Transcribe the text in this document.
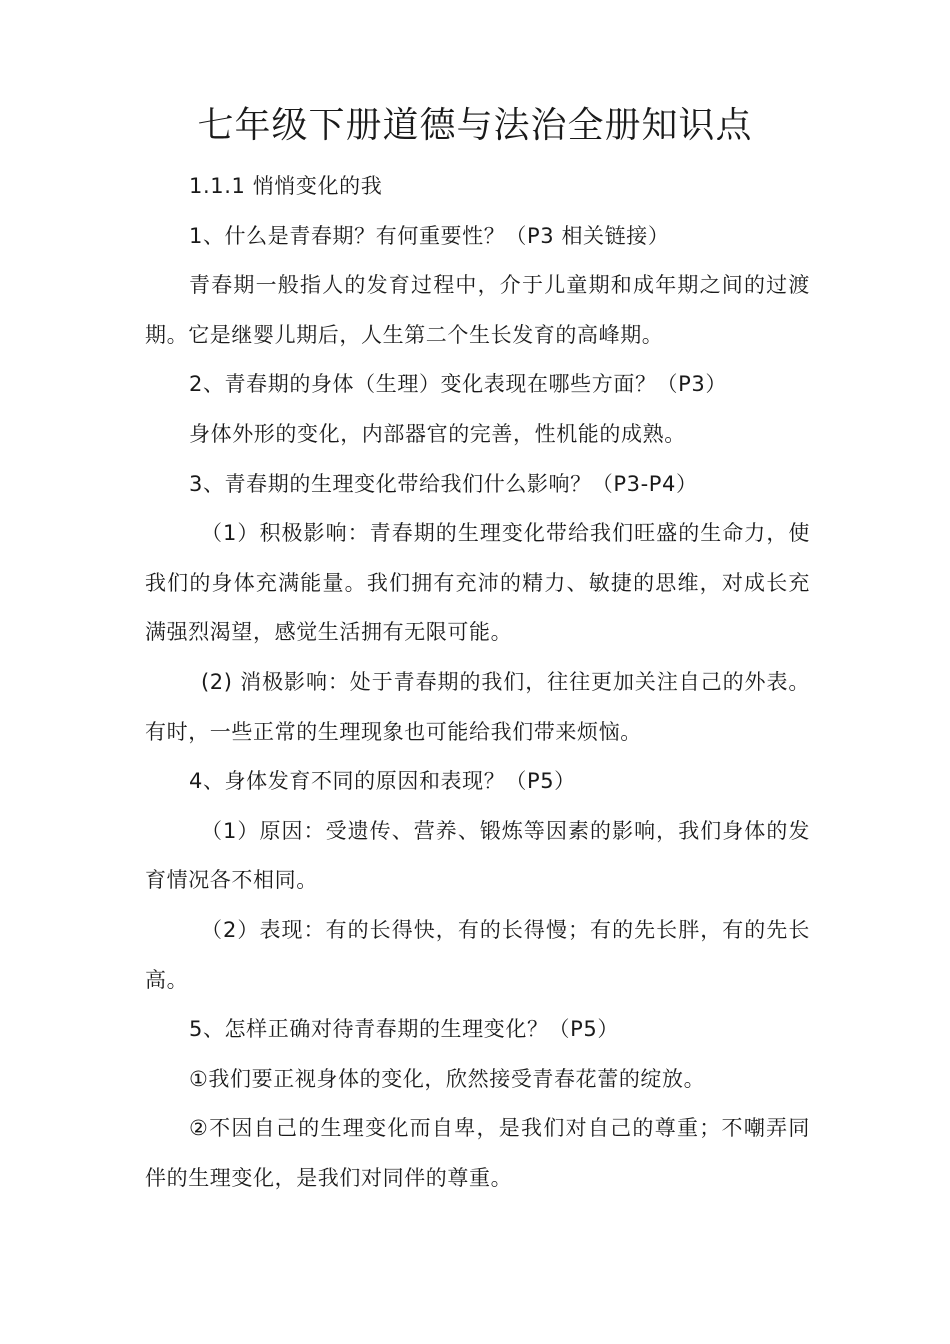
七年级下册道德与法治全册知识点

1.1.1 悄悄变化的我

1、什么是青春期？有何重要性？（P3 相关链接）

青春期一般指人的发育过程中，介于儿童期和成年期之间的过渡期。它是继婴儿期后，人生第二个生长发育的高峰期。

2、青春期的身体（生理）变化表现在哪些方面？（P3）

身体外形的变化，内部器官的完善，性机能的成熟。

3、青春期的生理变化带给我们什么影响？（P3-P4）

（1）积极影响：青春期的生理变化带给我们旺盛的生命力，使我们的身体充满能量。我们拥有充沛的精力、敏捷的思维，对成长充满强烈渴望，感觉生活拥有无限可能。

(2) 消极影响：处于青春期的我们，往往更加关注自己的外表。有时，一些正常的生理现象也可能给我们带来烦恼。

4、身体发育不同的原因和表现？（P5）

（1）原因：受遗传、营养、锻炼等因素的影响，我们身体的发育情况各不相同。

（2）表现：有的长得快，有的长得慢；有的先长胖，有的先长高。

5、怎样正确对待青春期的生理变化？（P5）

①我们要正视身体的变化，欣然接受青春花蕾的绽放。

②不因自己的生理变化而自卑，是我们对自己的尊重；不嘲弄同伴的生理变化，是我们对同伴的尊重。
